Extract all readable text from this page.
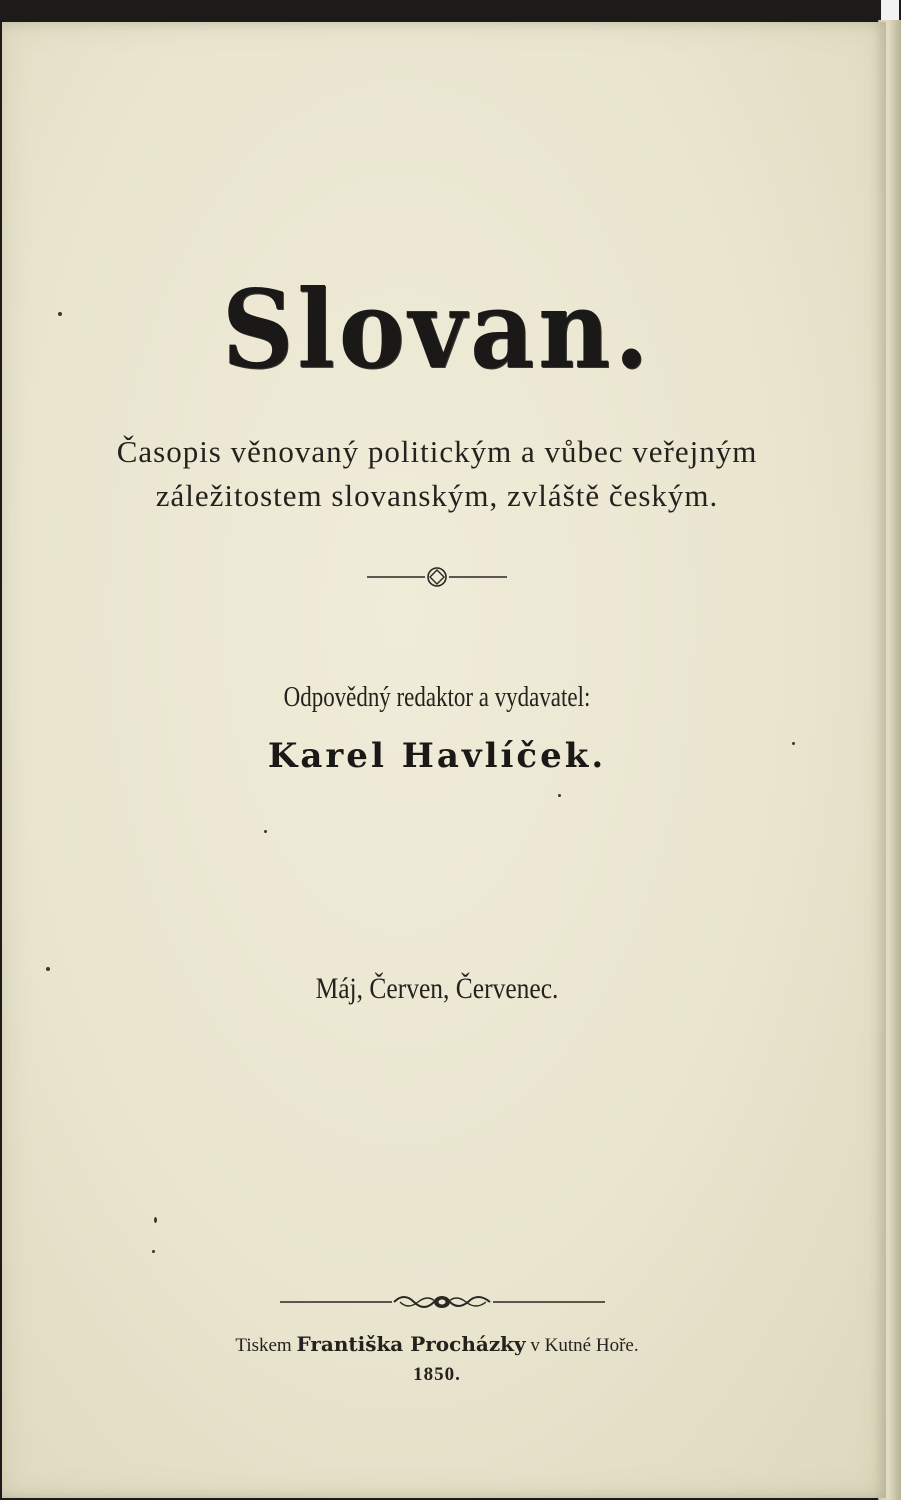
Slovan.
Časopis věnovaný politickým a vůbec veřejným
záležitostem slovanským, zvláště českým.
Odpovědný redaktor a vydavatel:
Karel Havlíček.
Máj, Červen, Červenec.
Tiskem Františka Procházky v Kutné Hoře.
1850.
